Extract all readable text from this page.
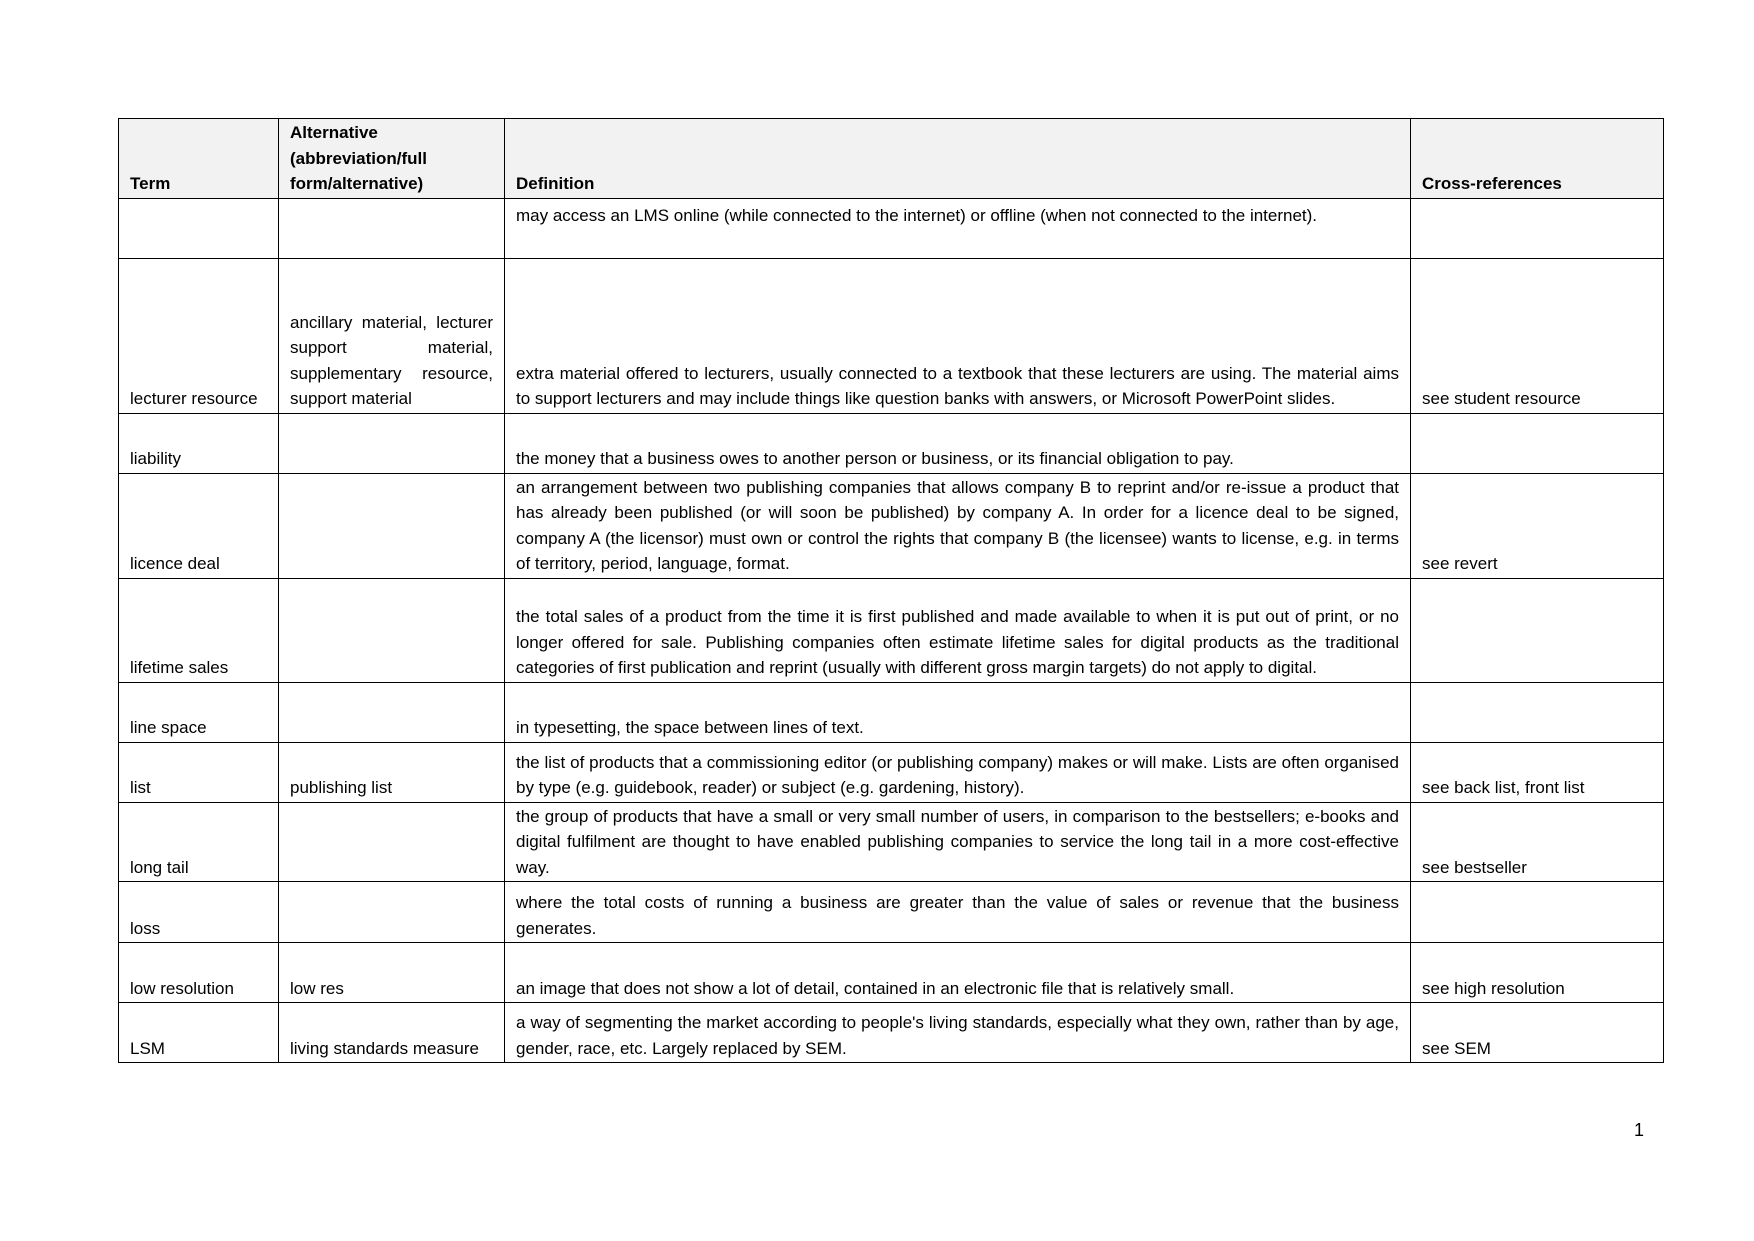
Term	Alternative (abbreviation/full form/alternative)	Definition	Cross-references
		may access an LMS online (while connected to the internet) or offline (when not connected to the internet).	
lecturer resource	ancillary material, lecturer support material, supplementary resource, support material	extra material offered to lecturers, usually connected to a textbook that these lecturers are using. The material aims to support lecturers and may include things like question banks with answers, or Microsoft PowerPoint slides.	see student resource
liability		the money that a business owes to another person or business, or its financial obligation to pay.	
licence deal		an arrangement between two publishing companies that allows company B to reprint and/or re-issue a product that has already been published (or will soon be published) by company A. In order for a licence deal to be signed, company A (the licensor) must own or control the rights that company B (the licensee) wants to license, e.g. in terms of territory, period, language, format.	see revert
lifetime sales		the total sales of a product from the time it is first published and made available to when it is put out of print, or no longer offered for sale. Publishing companies often estimate lifetime sales for digital products as the traditional categories of first publication and reprint (usually with different gross margin targets) do not apply to digital.	
line space		in typesetting, the space between lines of text.	
list	publishing list	the list of products that a commissioning editor (or publishing company) makes or will make. Lists are often organised by type (e.g. guidebook, reader) or subject (e.g. gardening, history).	see back list, front list
long tail		the group of products that have a small or very small number of users, in comparison to the bestsellers; e-books and digital fulfilment are thought to have enabled publishing companies to service the long tail in a more cost-effective way.	see bestseller
loss		where the total costs of running a business are greater than the value of sales or revenue that the business generates.	
low resolution	low res	an image that does not show a lot of detail, contained in an electronic file that is relatively small.	see high resolution
LSM	living standards measure	a way of segmenting the market according to people's living standards, especially what they own, rather than by age, gender, race, etc. Largely replaced by SEM.	see SEM
1
